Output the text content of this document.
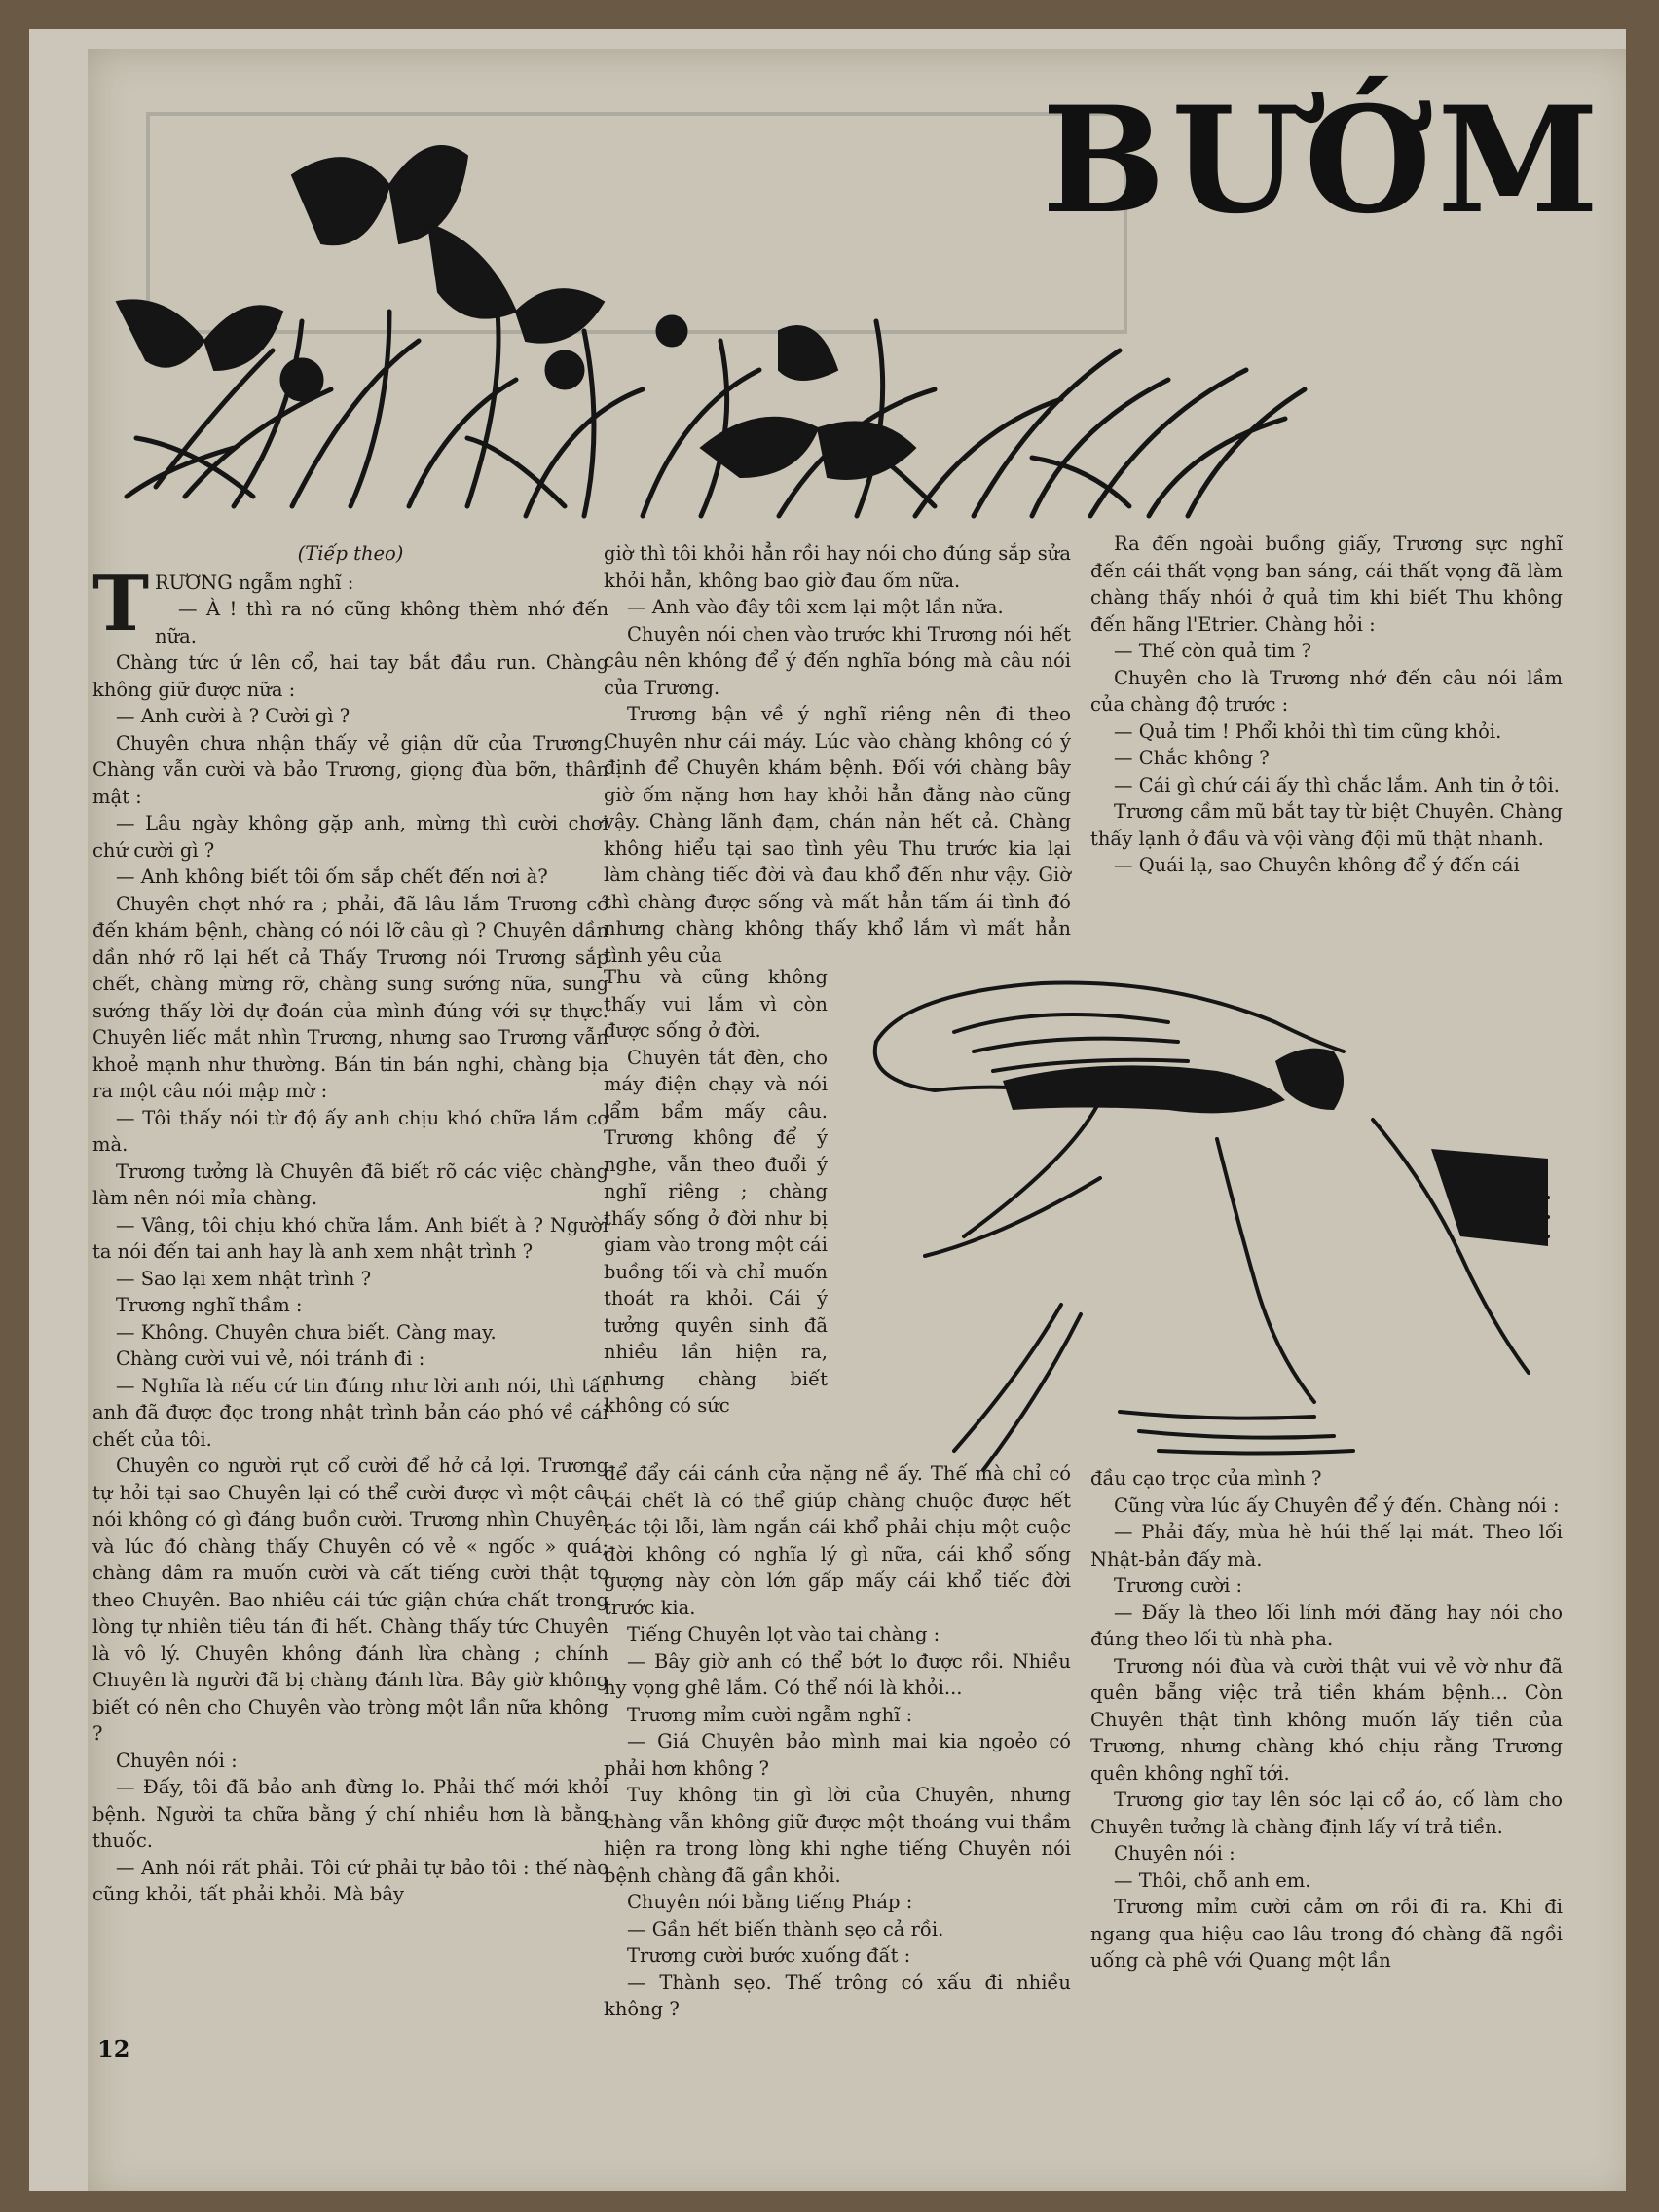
BƯỚM
(Tiếp theo)
T RƯƠNG ngẫm nghĩ :

— À ! thì ra nó cũng không thèm nhớ đến nữa.

Chàng tức ứ lên cổ, hai tay bắt đầu run. Chàng không giữ được nữa :

— Anh cười à ? Cười gì ?

Chuyên chưa nhận thấy vẻ giận dữ của Trương. Chàng vẫn cười và bảo Trương, giọng đùa bỡn, thân mật :

— Lâu ngày không gặp anh, mừng thì cười chơi chứ cười gì ?

— Anh không biết tôi ốm sắp chết đến nơi à?

Chuyên chợt nhớ ra ; phải, đã lâu lắm Trương có đến khám bệnh, chàng có nói lỡ câu gì ? Chuyên dần dần nhớ rõ lại hết cả Thấy Trương nói Trương sắp chết, chàng mừng rỡ, chàng sung sướng nữa, sung sướng thấy lời dự đoán của mình đúng với sự thực. Chuyên liếc mắt nhìn Trương, nhưng sao Trương vẫn khoẻ mạnh như thường. Bán tin bán nghi, chàng bịa ra một câu nói mập mờ :

— Tôi thấy nói từ độ ấy anh chịu khó chữa lắm cơ mà.

Trương tưởng là Chuyên đã biết rõ các việc chàng làm nên nói mỉa chàng.

— Vâng, tôi chịu khó chữa lắm. Anh biết à ? Người ta nói đến tai anh hay là anh xem nhật trình ?

— Sao lại xem nhật trình ?

Trương nghĩ thầm :

— Không. Chuyên chưa biết. Càng may.

Chàng cười vui vẻ, nói tránh đi :

— Nghĩa là nếu cứ tin đúng như lời anh nói, thì tất anh đã được đọc trong nhật trình bản cáo phó về cái chết của tôi.

Chuyên co người rụt cổ cười để hở cả lợi. Trương tự hỏi tại sao Chuyên lại có thể cười được vì một câu nói không có gì đáng buồn cười. Trương nhìn Chuyên và lúc đó chàng thấy Chuyên có vẻ « ngốc » quá; chàng đâm ra muốn cười và cất tiếng cười thật to theo Chuyên. Bao nhiêu cái tức giận chứa chất trong lòng tự nhiên tiêu tán đi hết. Chàng thấy tức Chuyên là vô lý. Chuyên không đánh lừa chàng ; chính Chuyên là người đã bị chàng đánh lừa. Bây giờ không biết có nên cho Chuyên vào tròng một lần nữa không ?

Chuyên nói :

— Đấy, tôi đã bảo anh đừng lo. Phải thế mới khỏi bệnh. Người ta chữa bằng ý chí nhiều hơn là bằng thuốc.

— Anh nói rất phải. Tôi cứ phải tự bảo tôi : thế nào cũng khỏi, tất phải khỏi. Mà bây

giờ thì tôi khỏi hẳn rồi hay nói cho đúng sắp sửa khỏi hẳn, không bao giờ đau ốm nữa.

— Anh vào đây tôi xem lại một lần nữa.

Chuyên nói chen vào trước khi Trương nói hết câu nên không để ý đến nghĩa bóng mà câu nói của Trương.

Trương bận về ý nghĩ riêng nên đi theo Chuyên như cái máy. Lúc vào chàng không có ý định để Chuyên khám bệnh. Đối với chàng bây giờ ốm nặng hơn hay khỏi hẳn đằng nào cũng vậy. Chàng lãnh đạm, chán nản hết cả. Chàng không hiểu tại sao tình yêu Thu trước kia lại làm chàng tiếc đời và đau khổ đến như vậy. Giờ thì chàng được sống và mất hẳn tấm ái tình đó nhưng chàng không thấy khổ lắm vì mất hẳn tình yêu của

Thu và cũng không thấy vui lắm vì còn được sống ở đời.

Chuyên tắt đèn, cho máy điện chạy và nói lẩm bẩm mấy câu. Trương không để ý nghe, vẫn theo đuổi ý nghĩ riêng ; chàng thấy sống ở đời như bị giam vào trong một cái buồng tối và chỉ muốn thoát ra khỏi. Cái ý tưởng quyên sinh đã nhiều lần hiện ra, nhưng chàng biết không có sức

để đẩy cái cánh cửa nặng nề ấy. Thế mà chỉ có cái chết là có thể giúp chàng chuộc được hết các tội lỗi, làm ngắn cái khổ phải chịu một cuộc đời không có nghĩa lý gì nữa, cái khổ sống gượng này còn lớn gấp mấy cái khổ tiếc đời trước kia.

Tiếng Chuyên lọt vào tai chàng :

— Bây giờ anh có thể bớt lo được rồi. Nhiều hy vọng ghê lắm. Có thể nói là khỏi...

Trương mỉm cười ngẫm nghĩ :

— Giá Chuyên bảo mình mai kia ngoẻo có phải hơn không ?

Tuy không tin gì lời của Chuyên, nhưng chàng vẫn không giữ được một thoáng vui thầm hiện ra trong lòng khi nghe tiếng Chuyên nói bệnh chàng đã gần khỏi.

Chuyên nói bằng tiếng Pháp :

— Gần hết biến thành sẹo cả rồi.

Trương cười bước xuống đất :

— Thành sẹo. Thế trông có xấu đi nhiều không ?

Ra đến ngoài buồng giấy, Trương sực nghĩ đến cái thất vọng ban sáng, cái thất vọng đã làm chàng thấy nhói ở quả tim khi biết Thu không đến hãng l'Etrier. Chàng hỏi :

— Thế còn quả tim ?

Chuyên cho là Trương nhớ đến câu nói lầm của chàng độ trước :

— Quả tim ! Phổi khỏi thì tim cũng khỏi.

— Chắc không ?

— Cái gì chứ cái ấy thì chắc lắm. Anh tin ở tôi.

Trương cầm mũ bắt tay từ biệt Chuyên. Chàng thấy lạnh ở đầu và vội vàng đội mũ thật nhanh.

— Quái lạ, sao Chuyên không để ý đến cái

đầu cạo trọc của mình ?

Cũng vừa lúc ấy Chuyên để ý đến. Chàng nói :

— Phải đấy, mùa hè húi thế lại mát. Theo lối Nhật-bản đấy mà.

Trương cười :

— Đấy là theo lối lính mới đăng hay nói cho đúng theo lối tù nhà pha.

Trương nói đùa và cười thật vui vẻ vờ như đã quên bẵng việc trả tiền khám bệnh... Còn Chuyên thật tình không muốn lấy tiền của Trương, nhưng chàng khó chịu rằng Trương quên không nghĩ tới.

Trương giơ tay lên sóc lại cổ áo, cố làm cho Chuyên tưởng là chàng định lấy ví trả tiền.

Chuyên nói :

— Thôi, chỗ anh em.

Trương mỉm cười cảm ơn rồi đi ra. Khi đi ngang qua hiệu cao lâu trong đó chàng đã ngồi uống cà phê với Quang một lần

12
